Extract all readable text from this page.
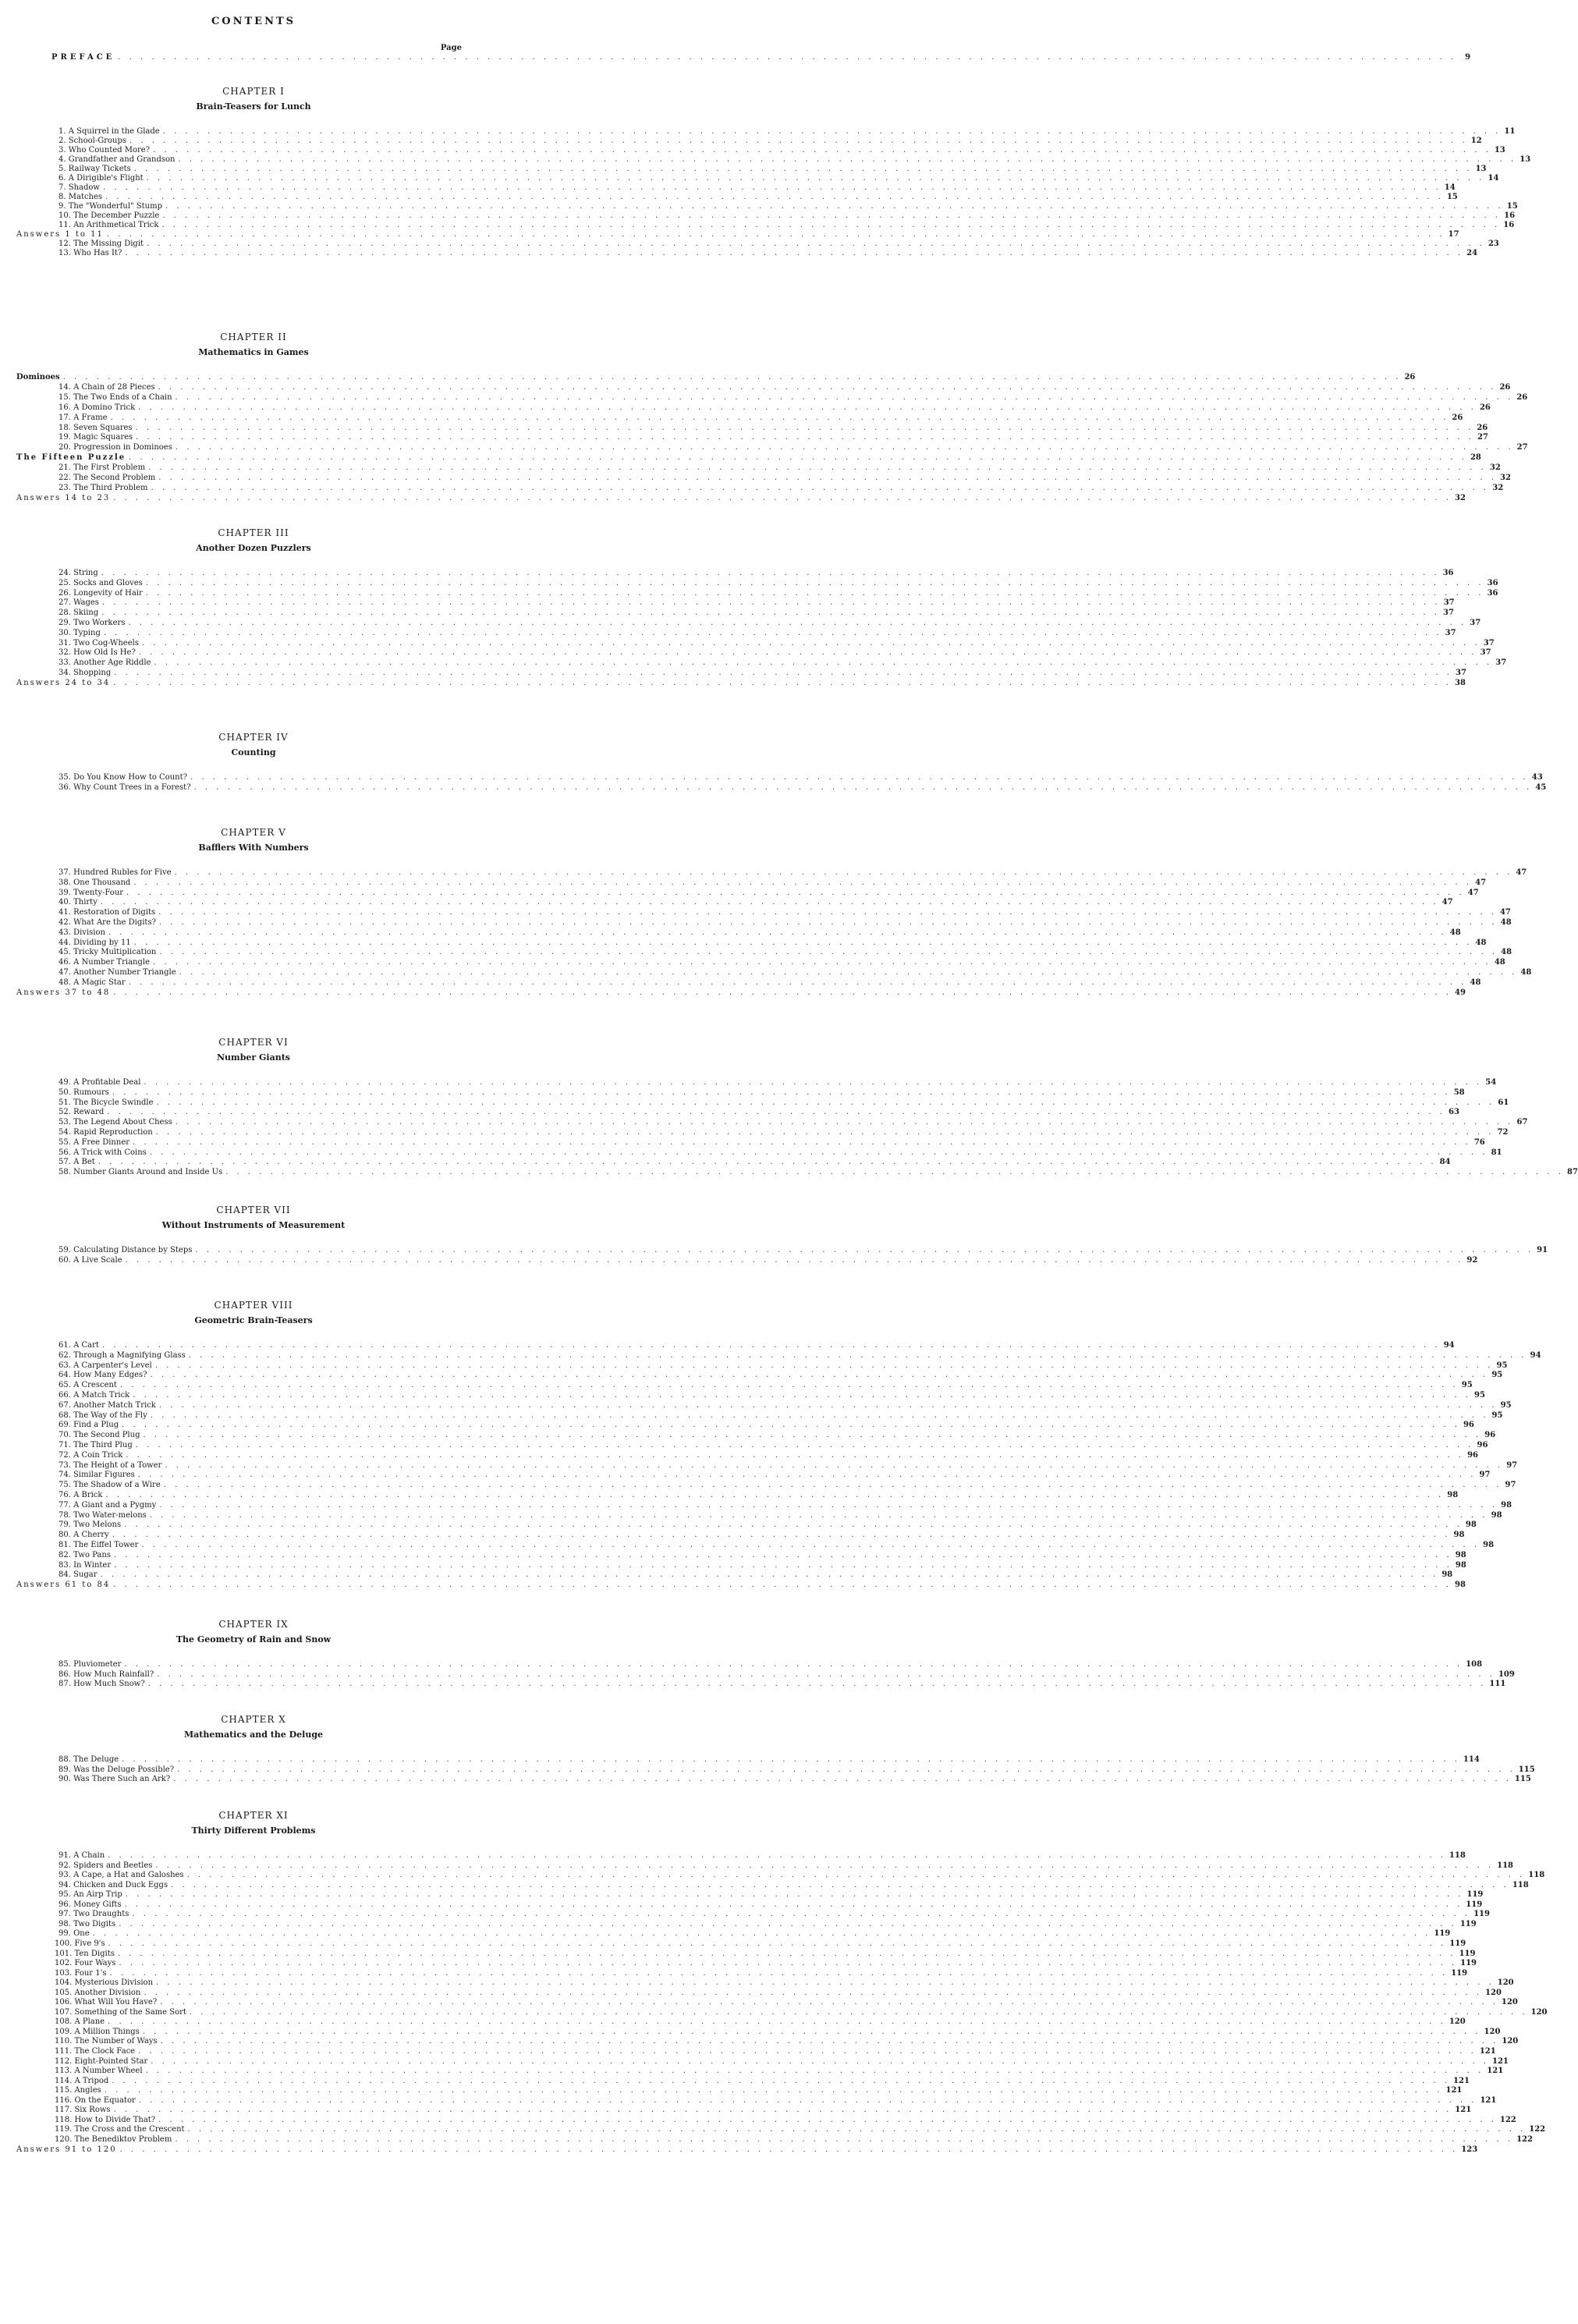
CONTENTS
Page
PREFACE . . . . . . . . . . . . . . . . . . . . . . . . . . . . . . . . . . . . . . . . . . . . . . . . . . . . . . . . . . . . . . . . . . . . . . . . . . . . . . . . . . . . . . . . . . . . . . . . . . . . . . . . . . . . . . . . . . . . . . . .	9
CHAPTER I
Brain-Teasers for Lunch
1. A Squirrel in the Glade . . . . . . . . . . . . . . . . . . . . . . . . . . . . . . . . . . . . . . . . . . . . . . . . . . . . . . . . . . . . . . . . . . . . . . . . . . . . . . . . . . . . . . . . . . . . . . . . . . . . . . . . . . . . . . . . . . . . . . . . 11
2. School-Groups . . . . . . . . . . . . . . . . . . . . . . . . . . . . . . . . . . . . . . . . . . . . . . . . . . . . . . . . . . . . . . . . . . . . . . . . . . . . . . . . . . . . . . . . . . . . . . . . . . . . . . . . . . . . . . . . . . . . . . . . 12
3. Who Counted More? . . . . . . . . . . . . . . . . . . . . . . . . . . . . . . . . . . . . . . . . . . . . . . . . . . . . . . . . . . . . . . . . . . . . . . . . . . . . . . . . . . . . . . . . . . . . . . . . . . . . . . . . . . . . . . . . . . . . . . . . 13
4. Grandfather and Grandson . . . . . . . . . . . . . . . . . . . . . . . . . . . . . . . . . . . . . . . . . . . . . . . . . . . . . . . . . . . . . . . . . . . . . . . . . . . . . . . . . . . . . . . . . . . . . . . . . . . . . . . . . . . . . . . . . . . . . . . . 13
5. Railway Tickets . . . . . . . . . . . . . . . . . . . . . . . . . . . . . . . . . . . . . . . . . . . . . . . . . . . . . . . . . . . . . . . . . . . . . . . . . . . . . . . . . . . . . . . . . . . . . . . . . . . . . . . . . . . . . . . . . . . . . . . . 13
6. A Dirigible's Flight . . . . . . . . . . . . . . . . . . . . . . . . . . . . . . . . . . . . . . . . . . . . . . . . . . . . . . . . . . . . . . . . . . . . . . . . . . . . . . . . . . . . . . . . . . . . . . . . . . . . . . . . . . . . . . . . . . . . . . . . 14
7. Shadow . . . . . . . . . . . . . . . . . . . . . . . . . . . . . . . . . . . . . . . . . . . . . . . . . . . . . . . . . . . . . . . . . . . . . . . . . . . . . . . . . . . . . . . . . . . . . . . . . . . . . . . . . . . . . . . . . . . . . . . . 14
8. Matches . . . . . . . . . . . . . . . . . . . . . . . . . . . . . . . . . . . . . . . . . . . . . . . . . . . . . . . . . . . . . . . . . . . . . . . . . . . . . . . . . . . . . . . . . . . . . . . . . . . . . . . . . . . . . . . . . . . . . . . . 15
9. The "Wonderful" Stump . . . . . . . . . . . . . . . . . . . . . . . . . . . . . . . . . . . . . . . . . . . . . . . . . . . . . . . . . . . . . . . . . . . . . . . . . . . . . . . . . . . . . . . . . . . . . . . . . . . . . . . . . . . . . . . . . . . . . . . . 15
10. The December Puzzle . . . . . . . . . . . . . . . . . . . . . . . . . . . . . . . . . . . . . . . . . . . . . . . . . . . . . . . . . . . . . . . . . . . . . . . . . . . . . . . . . . . . . . . . . . . . . . . . . . . . . . . . . . . . . . . . . . . . . . . . 16
11. An Arithmetical Trick . . . . . . . . . . . . . . . . . . . . . . . . . . . . . . . . . . . . . . . . . . . . . . . . . . . . . . . . . . . . . . . . . . . . . . . . . . . . . . . . . . . . . . . . . . . . . . . . . . . . . . . . . . . . . . . . . . . . . . . . 16
Answers 1 to 11 . . . . . . . . . . . . . . . . . . . . . . . . . . . . . . . . . . . . . . . . . . . . . . . . . . . . . . . . . . . . . . . . . . . . . . . . . . . . . . . . . . . . . . . . . . . . . . . . . . . . . . . . . . . . . . . . . . . . . . . . 17
12. The Missing Digit . . . . . . . . . . . . . . . . . . . . . . . . . . . . . . . . . . . . . . . . . . . . . . . . . . . . . . . . . . . . . . . . . . . . . . . . . . . . . . . . . . . . . . . . . . . . . . . . . . . . . . . . . . . . . . . . . . . . . . . . 23
13. Who Has It? . . . . . . . . . . . . . . . . . . . . . . . . . . . . . . . . . . . . . . . . . . . . . . . . . . . . . . . . . . . . . . . . . . . . . . . . . . . . . . . . . . . . . . . . . . . . . . . . . . . . . . . . . . . . . . . . . . . . . . . . 24
CHAPTER II
Mathematics in Games
Dominoes . . . . . . . . . . . . . . . . . . . . . . . . . . . . . . . . . . . . . . . . . . . . . . . . . . . . . . . . . . . . . . . . . . . . . . . . . . . . . . . . . . . . . . . . . . . . . . . . . . . . . . . . . . . . . . . . . . . . . . . . 26
14. A Chain of 28 Pieces . . . . . . . . . . . . . . . . . . . . . . . . . . . . . . . . . . . . . . . . . . . . . . . . . . . . . . . . . . . . . . . . . . . . . . . . . . . . . . . . . . . . . . . . . . . . . . . . . . . . . . . . . . . . . . . . . . . . . . . . 26
15. The Two Ends of a Chain . . . . . . . . . . . . . . . . . . . . . . . . . . . . . . . . . . . . . . . . . . . . . . . . . . . . . . . . . . . . . . . . . . . . . . . . . . . . . . . . . . . . . . . . . . . . . . . . . . . . . . . . . . . . . . . . . . . . . . . . 26
16. A Domino Trick . . . . . . . . . . . . . . . . . . . . . . . . . . . . . . . . . . . . . . . . . . . . . . . . . . . . . . . . . . . . . . . . . . . . . . . . . . . . . . . . . . . . . . . . . . . . . . . . . . . . . . . . . . . . . . . . . . . . . . . . 26
17. A Frame . . . . . . . . . . . . . . . . . . . . . . . . . . . . . . . . . . . . . . . . . . . . . . . . . . . . . . . . . . . . . . . . . . . . . . . . . . . . . . . . . . . . . . . . . . . . . . . . . . . . . . . . . . . . . . . . . . . . . . . . 26
18. Seven Squares . . . . . . . . . . . . . . . . . . . . . . . . . . . . . . . . . . . . . . . . . . . . . . . . . . . . . . . . . . . . . . . . . . . . . . . . . . . . . . . . . . . . . . . . . . . . . . . . . . . . . . . . . . . . . . . . . . . . . . . . 26
19. Magic Squares . . . . . . . . . . . . . . . . . . . . . . . . . . . . . . . . . . . . . . . . . . . . . . . . . . . . . . . . . . . . . . . . . . . . . . . . . . . . . . . . . . . . . . . . . . . . . . . . . . . . . . . . . . . . . . . . . . . . . . . . 27
20. Progression in Dominoes . . . . . . . . . . . . . . . . . . . . . . . . . . . . . . . . . . . . . . . . . . . . . . . . . . . . . . . . . . . . . . . . . . . . . . . . . . . . . . . . . . . . . . . . . . . . . . . . . . . . . . . . . . . . . . . . . . . . . . . . 27
The Fifteen Puzzle . . . . . . . . . . . . . . . . . . . . . . . . . . . . . . . . . . . . . . . . . . . . . . . . . . . . . . . . . . . . . . . . . . . . . . . . . . . . . . . . . . . . . . . . . . . . . . . . . . . . . . . . . . . . . . . . . . . . . . . . 28
21. The First Problem . . . . . . . . . . . . . . . . . . . . . . . . . . . . . . . . . . . . . . . . . . . . . . . . . . . . . . . . . . . . . . . . . . . . . . . . . . . . . . . . . . . . . . . . . . . . . . . . . . . . . . . . . . . . . . . . . . . . . . . . 32
22. The Second Problem . . . . . . . . . . . . . . . . . . . . . . . . . . . . . . . . . . . . . . . . . . . . . . . . . . . . . . . . . . . . . . . . . . . . . . . . . . . . . . . . . . . . . . . . . . . . . . . . . . . . . . . . . . . . . . . . . . . . . . . . 32
23. The Third Problem . . . . . . . . . . . . . . . . . . . . . . . . . . . . . . . . . . . . . . . . . . . . . . . . . . . . . . . . . . . . . . . . . . . . . . . . . . . . . . . . . . . . . . . . . . . . . . . . . . . . . . . . . . . . . . . . . . . . . . . . 32
Answers 14 to 23 . . . . . . . . . . . . . . . . . . . . . . . . . . . . . . . . . . . . . . . . . . . . . . . . . . . . . . . . . . . . . . . . . . . . . . . . . . . . . . . . . . . . . . . . . . . . . . . . . . . . . . . . . . . . . . . . . . . . . . . . 32
CHAPTER III
Another Dozen Puzzlers
24. String . . . . . . . . . . . . . . . . . . . . . . . . . . . . . . . . . . . . . . . . . . . . . . . . . . . . . . . . . . . . . . . . . . . . . . . . . . . . . . . . . . . . . . . . . . . . . . . . . . . . . . . . . . . . . . . . . . . . . . . . 36
25. Socks and Gloves . . . . . . . . . . . . . . . . . . . . . . . . . . . . . . . . . . . . . . . . . . . . . . . . . . . . . . . . . . . . . . . . . . . . . . . . . . . . . . . . . . . . . . . . . . . . . . . . . . . . . . . . . . . . . . . . . . . . . . . . 36
26. Longevity of Hair . . . . . . . . . . . . . . . . . . . . . . . . . . . . . . . . . . . . . . . . . . . . . . . . . . . . . . . . . . . . . . . . . . . . . . . . . . . . . . . . . . . . . . . . . . . . . . . . . . . . . . . . . . . . . . . . . . . . . . . . 36
27. Wages . . . . . . . . . . . . . . . . . . . . . . . . . . . . . . . . . . . . . . . . . . . . . . . . . . . . . . . . . . . . . . . . . . . . . . . . . . . . . . . . . . . . . . . . . . . . . . . . . . . . . . . . . . . . . . . . . . . . . . . . 37
28. Skiing . . . . . . . . . . . . . . . . . . . . . . . . . . . . . . . . . . . . . . . . . . . . . . . . . . . . . . . . . . . . . . . . . . . . . . . . . . . . . . . . . . . . . . . . . . . . . . . . . . . . . . . . . . . . . . . . . . . . . . . . 37
29. Two Workers . . . . . . . . . . . . . . . . . . . . . . . . . . . . . . . . . . . . . . . . . . . . . . . . . . . . . . . . . . . . . . . . . . . . . . . . . . . . . . . . . . . . . . . . . . . . . . . . . . . . . . . . . . . . . . . . . . . . . . . . 37
30. Typing . . . . . . . . . . . . . . . . . . . . . . . . . . . . . . . . . . . . . . . . . . . . . . . . . . . . . . . . . . . . . . . . . . . . . . . . . . . . . . . . . . . . . . . . . . . . . . . . . . . . . . . . . . . . . . . . . . . . . . . . 37
31. Two Cog-Wheels . . . . . . . . . . . . . . . . . . . . . . . . . . . . . . . . . . . . . . . . . . . . . . . . . . . . . . . . . . . . . . . . . . . . . . . . . . . . . . . . . . . . . . . . . . . . . . . . . . . . . . . . . . . . . . . . . . . . . . . . 37
32. How Old Is He? . . . . . . . . . . . . . . . . . . . . . . . . . . . . . . . . . . . . . . . . . . . . . . . . . . . . . . . . . . . . . . . . . . . . . . . . . . . . . . . . . . . . . . . . . . . . . . . . . . . . . . . . . . . . . . . . . . . . . . . . 37
33. Another Age Riddle . . . . . . . . . . . . . . . . . . . . . . . . . . . . . . . . . . . . . . . . . . . . . . . . . . . . . . . . . . . . . . . . . . . . . . . . . . . . . . . . . . . . . . . . . . . . . . . . . . . . . . . . . . . . . . . . . . . . . . . . 37
34. Shopping . . . . . . . . . . . . . . . . . . . . . . . . . . . . . . . . . . . . . . . . . . . . . . . . . . . . . . . . . . . . . . . . . . . . . . . . . . . . . . . . . . . . . . . . . . . . . . . . . . . . . . . . . . . . . . . . . . . . . . . . 37
Answers 24 to 34 . . . . . . . . . . . . . . . . . . . . . . . . . . . . . . . . . . . . . . . . . . . . . . . . . . . . . . . . . . . . . . . . . . . . . . . . . . . . . . . . . . . . . . . . . . . . . . . . . . . . . . . . . . . . . . . . . . . . . . . . 38
CHAPTER IV
Counting
35. Do You Know How to Count? . . . . . . . . . . . . . . . . . . . . . . . . . . . . . . . . . . . . . . . . . . . . . . . . . . . . . . . . . . . . . . . . . . . . . . . . . . . . . . . . . . . . . . . . . . . . . . . . . . . . . . . . . . . . . . . . . . . . . . . . 43
36. Why Count Trees in a Forest? . . . . . . . . . . . . . . . . . . . . . . . . . . . . . . . . . . . . . . . . . . . . . . . . . . . . . . . . . . . . . . . . . . . . . . . . . . . . . . . . . . . . . . . . . . . . . . . . . . . . . . . . . . . . . . . . . . . . . . . . 45
CHAPTER V
Bafflers With Numbers
37. Hundred Rubles for Five . . . . . . . . . . . . . . . . . . . . . . . . . . . . . . . . . . . . . . . . . . . . . . . . . . . . . . . . . . . . . . . . . . . . . . . . . . . . . . . . . . . . . . . . . . . . . . . . . . . . . . . . . . . . . . . . . . . . . . . . 47
38. One Thousand . . . . . . . . . . . . . . . . . . . . . . . . . . . . . . . . . . . . . . . . . . . . . . . . . . . . . . . . . . . . . . . . . . . . . . . . . . . . . . . . . . . . . . . . . . . . . . . . . . . . . . . . . . . . . . . . . . . . . . . . 47
39. Twenty-Four . . . . . . . . . . . . . . . . . . . . . . . . . . . . . . . . . . . . . . . . . . . . . . . . . . . . . . . . . . . . . . . . . . . . . . . . . . . . . . . . . . . . . . . . . . . . . . . . . . . . . . . . . . . . . . . . . . . . . . . . 47
40. Thirty . . . . . . . . . . . . . . . . . . . . . . . . . . . . . . . . . . . . . . . . . . . . . . . . . . . . . . . . . . . . . . . . . . . . . . . . . . . . . . . . . . . . . . . . . . . . . . . . . . . . . . . . . . . . . . . . . . . . . . . . 47
41. Restoration of Digits . . . . . . . . . . . . . . . . . . . . . . . . . . . . . . . . . . . . . . . . . . . . . . . . . . . . . . . . . . . . . . . . . . . . . . . . . . . . . . . . . . . . . . . . . . . . . . . . . . . . . . . . . . . . . . . . . . . . . . . . 47
42. What Are the Digits? . . . . . . . . . . . . . . . . . . . . . . . . . . . . . . . . . . . . . . . . . . . . . . . . . . . . . . . . . . . . . . . . . . . . . . . . . . . . . . . . . . . . . . . . . . . . . . . . . . . . . . . . . . . . . . . . . . . . . . . . 48
43. Division . . . . . . . . . . . . . . . . . . . . . . . . . . . . . . . . . . . . . . . . . . . . . . . . . . . . . . . . . . . . . . . . . . . . . . . . . . . . . . . . . . . . . . . . . . . . . . . . . . . . . . . . . . . . . . . . . . . . . . . . 48
44. Dividing by 11 . . . . . . . . . . . . . . . . . . . . . . . . . . . . . . . . . . . . . . . . . . . . . . . . . . . . . . . . . . . . . . . . . . . . . . . . . . . . . . . . . . . . . . . . . . . . . . . . . . . . . . . . . . . . . . . . . . . . . . . . 48
45. Tricky Multiplication . . . . . . . . . . . . . . . . . . . . . . . . . . . . . . . . . . . . . . . . . . . . . . . . . . . . . . . . . . . . . . . . . . . . . . . . . . . . . . . . . . . . . . . . . . . . . . . . . . . . . . . . . . . . . . . . . . . . . . . . 48
46. A Number Triangle . . . . . . . . . . . . . . . . . . . . . . . . . . . . . . . . . . . . . . . . . . . . . . . . . . . . . . . . . . . . . . . . . . . . . . . . . . . . . . . . . . . . . . . . . . . . . . . . . . . . . . . . . . . . . . . . . . . . . . . . 48
47. Another Number Triangle . . . . . . . . . . . . . . . . . . . . . . . . . . . . . . . . . . . . . . . . . . . . . . . . . . . . . . . . . . . . . . . . . . . . . . . . . . . . . . . . . . . . . . . . . . . . . . . . . . . . . . . . . . . . . . . . . . . . . . . . 48
48. A Magic Star . . . . . . . . . . . . . . . . . . . . . . . . . . . . . . . . . . . . . . . . . . . . . . . . . . . . . . . . . . . . . . . . . . . . . . . . . . . . . . . . . . . . . . . . . . . . . . . . . . . . . . . . . . . . . . . . . . . . . . . . 48
Answers 37 to 48 . . . . . . . . . . . . . . . . . . . . . . . . . . . . . . . . . . . . . . . . . . . . . . . . . . . . . . . . . . . . . . . . . . . . . . . . . . . . . . . . . . . . . . . . . . . . . . . . . . . . . . . . . . . . . . . . . . . . . . . . 49
CHAPTER VI
Number Giants
49. A Profitable Deal . . . . . . . . . . . . . . . . . . . . . . . . . . . . . . . . . . . . . . . . . . . . . . . . . . . . . . . . . . . . . . . . . . . . . . . . . . . . . . . . . . . . . . . . . . . . . . . . . . . . . . . . . . . . . . . . . . . . . . . . 54
50. Rumours . . . . . . . . . . . . . . . . . . . . . . . . . . . . . . . . . . . . . . . . . . . . . . . . . . . . . . . . . . . . . . . . . . . . . . . . . . . . . . . . . . . . . . . . . . . . . . . . . . . . . . . . . . . . . . . . . . . . . . . . 58
51. The Bicycle Swindle . . . . . . . . . . . . . . . . . . . . . . . . . . . . . . . . . . . . . . . . . . . . . . . . . . . . . . . . . . . . . . . . . . . . . . . . . . . . . . . . . . . . . . . . . . . . . . . . . . . . . . . . . . . . . . . . . . . . . . . . 61
52. Reward . . . . . . . . . . . . . . . . . . . . . . . . . . . . . . . . . . . . . . . . . . . . . . . . . . . . . . . . . . . . . . . . . . . . . . . . . . . . . . . . . . . . . . . . . . . . . . . . . . . . . . . . . . . . . . . . . . . . . . . . 63
53. The Legend About Chess . . . . . . . . . . . . . . . . . . . . . . . . . . . . . . . . . . . . . . . . . . . . . . . . . . . . . . . . . . . . . . . . . . . . . . . . . . . . . . . . . . . . . . . . . . . . . . . . . . . . . . . . . . . . . . . . . . . . . . . . 67
54. Rapid Reproduction . . . . . . . . . . . . . . . . . . . . . . . . . . . . . . . . . . . . . . . . . . . . . . . . . . . . . . . . . . . . . . . . . . . . . . . . . . . . . . . . . . . . . . . . . . . . . . . . . . . . . . . . . . . . . . . . . . . . . . . . 72
55. A Free Dinner . . . . . . . . . . . . . . . . . . . . . . . . . . . . . . . . . . . . . . . . . . . . . . . . . . . . . . . . . . . . . . . . . . . . . . . . . . . . . . . . . . . . . . . . . . . . . . . . . . . . . . . . . . . . . . . . . . . . . . . . 76
56. A Trick with Coins . . . . . . . . . . . . . . . . . . . . . . . . . . . . . . . . . . . . . . . . . . . . . . . . . . . . . . . . . . . . . . . . . . . . . . . . . . . . . . . . . . . . . . . . . . . . . . . . . . . . . . . . . . . . . . . . . . . . . . . . 81
57. A Bet . . . . . . . . . . . . . . . . . . . . . . . . . . . . . . . . . . . . . . . . . . . . . . . . . . . . . . . . . . . . . . . . . . . . . . . . . . . . . . . . . . . . . . . . . . . . . . . . . . . . . . . . . . . . . . . . . . . . . . . . 84
58. Number Giants Around and Inside Us . . . . . . . . . . . . . . . . . . . . . . . . . . . . . . . . . . . . . . . . . . . . . . . . . . . . . . . . . . . . . . . . . . . . . . . . . . . . . . . . . . . . . . . . . . . . . . . . . . . . . . . . . . . . . . . . . . . . . . . . 87
CHAPTER VII
Without Instruments of Measurement
59. Calculating Distance by Steps . . . . . . . . . . . . . . . . . . . . . . . . . . . . . . . . . . . . . . . . . . . . . . . . . . . . . . . . . . . . . . . . . . . . . . . . . . . . . . . . . . . . . . . . . . . . . . . . . . . . . . . . . . . . . . . . . . . . . . . . 91
60. A Live Scale . . . . . . . . . . . . . . . . . . . . . . . . . . . . . . . . . . . . . . . . . . . . . . . . . . . . . . . . . . . . . . . . . . . . . . . . . . . . . . . . . . . . . . . . . . . . . . . . . . . . . . . . . . . . . . . . . . . . . . . . 92
CHAPTER VIII
Geometric Brain-Teasers
61. A Cart . . . . . . . . . . . . . . . . . . . . . . . . . . . . . . . . . . . . . . . . . . . . . . . . . . . . . . . . . . . . . . . . . . . . . . . . . . . . . . . . . . . . . . . . . . . . . . . . . . . . . . . . . . . . . . . . . . . . . . . . 94
62. Through a Magnifying Glass . . . . . . . . . . . . . . . . . . . . . . . . . . . . . . . . . . . . . . . . . . . . . . . . . . . . . . . . . . . . . . . . . . . . . . . . . . . . . . . . . . . . . . . . . . . . . . . . . . . . . . . . . . . . . . . . . . . . . . . . 94
63. A Carpenter's Level . . . . . . . . . . . . . . . . . . . . . . . . . . . . . . . . . . . . . . . . . . . . . . . . . . . . . . . . . . . . . . . . . . . . . . . . . . . . . . . . . . . . . . . . . . . . . . . . . . . . . . . . . . . . . . . . . . . . . . . . 95
64. How Many Edges? . . . . . . . . . . . . . . . . . . . . . . . . . . . . . . . . . . . . . . . . . . . . . . . . . . . . . . . . . . . . . . . . . . . . . . . . . . . . . . . . . . . . . . . . . . . . . . . . . . . . . . . . . . . . . . . . . . . . . . . . 95
65. A Crescent . . . . . . . . . . . . . . . . . . . . . . . . . . . . . . . . . . . . . . . . . . . . . . . . . . . . . . . . . . . . . . . . . . . . . . . . . . . . . . . . . . . . . . . . . . . . . . . . . . . . . . . . . . . . . . . . . . . . . . . . 95
66. A Match Trick . . . . . . . . . . . . . . . . . . . . . . . . . . . . . . . . . . . . . . . . . . . . . . . . . . . . . . . . . . . . . . . . . . . . . . . . . . . . . . . . . . . . . . . . . . . . . . . . . . . . . . . . . . . . . . . . . . . . . . . . 95
67. Another Match Trick . . . . . . . . . . . . . . . . . . . . . . . . . . . . . . . . . . . . . . . . . . . . . . . . . . . . . . . . . . . . . . . . . . . . . . . . . . . . . . . . . . . . . . . . . . . . . . . . . . . . . . . . . . . . . . . . . . . . . . . . 95
68. The Way of the Fly . . . . . . . . . . . . . . . . . . . . . . . . . . . . . . . . . . . . . . . . . . . . . . . . . . . . . . . . . . . . . . . . . . . . . . . . . . . . . . . . . . . . . . . . . . . . . . . . . . . . . . . . . . . . . . . . . . . . . . . . 95
69. Find a Plug . . . . . . . . . . . . . . . . . . . . . . . . . . . . . . . . . . . . . . . . . . . . . . . . . . . . . . . . . . . . . . . . . . . . . . . . . . . . . . . . . . . . . . . . . . . . . . . . . . . . . . . . . . . . . . . . . . . . . . . . 96
70. The Second Plug . . . . . . . . . . . . . . . . . . . . . . . . . . . . . . . . . . . . . . . . . . . . . . . . . . . . . . . . . . . . . . . . . . . . . . . . . . . . . . . . . . . . . . . . . . . . . . . . . . . . . . . . . . . . . . . . . . . . . . . . 96
71. The Third Plug . . . . . . . . . . . . . . . . . . . . . . . . . . . . . . . . . . . . . . . . . . . . . . . . . . . . . . . . . . . . . . . . . . . . . . . . . . . . . . . . . . . . . . . . . . . . . . . . . . . . . . . . . . . . . . . . . . . . . . . . 96
72. A Coin Trick . . . . . . . . . . . . . . . . . . . . . . . . . . . . . . . . . . . . . . . . . . . . . . . . . . . . . . . . . . . . . . . . . . . . . . . . . . . . . . . . . . . . . . . . . . . . . . . . . . . . . . . . . . . . . . . . . . . . . . . . 96
73. The Height of a Tower . . . . . . . . . . . . . . . . . . . . . . . . . . . . . . . . . . . . . . . . . . . . . . . . . . . . . . . . . . . . . . . . . . . . . . . . . . . . . . . . . . . . . . . . . . . . . . . . . . . . . . . . . . . . . . . . . . . . . . . . 97
74. Similar Figures . . . . . . . . . . . . . . . . . . . . . . . . . . . . . . . . . . . . . . . . . . . . . . . . . . . . . . . . . . . . . . . . . . . . . . . . . . . . . . . . . . . . . . . . . . . . . . . . . . . . . . . . . . . . . . . . . . . . . . . . 97
75. The Shadow of a Wire . . . . . . . . . . . . . . . . . . . . . . . . . . . . . . . . . . . . . . . . . . . . . . . . . . . . . . . . . . . . . . . . . . . . . . . . . . . . . . . . . . . . . . . . . . . . . . . . . . . . . . . . . . . . . . . . . . . . . . . . 97
76. A Brick . . . . . . . . . . . . . . . . . . . . . . . . . . . . . . . . . . . . . . . . . . . . . . . . . . . . . . . . . . . . . . . . . . . . . . . . . . . . . . . . . . . . . . . . . . . . . . . . . . . . . . . . . . . . . . . . . . . . . . . . 98
77. A Giant and a Pygmy . . . . . . . . . . . . . . . . . . . . . . . . . . . . . . . . . . . . . . . . . . . . . . . . . . . . . . . . . . . . . . . . . . . . . . . . . . . . . . . . . . . . . . . . . . . . . . . . . . . . . . . . . . . . . . . . . . . . . . . . 98
78. Two Water-melons . . . . . . . . . . . . . . . . . . . . . . . . . . . . . . . . . . . . . . . . . . . . . . . . . . . . . . . . . . . . . . . . . . . . . . . . . . . . . . . . . . . . . . . . . . . . . . . . . . . . . . . . . . . . . . . . . . . . . . . . 98
79. Two Melons . . . . . . . . . . . . . . . . . . . . . . . . . . . . . . . . . . . . . . . . . . . . . . . . . . . . . . . . . . . . . . . . . . . . . . . . . . . . . . . . . . . . . . . . . . . . . . . . . . . . . . . . . . . . . . . . . . . . . . . . 98
80. A Cherry . . . . . . . . . . . . . . . . . . . . . . . . . . . . . . . . . . . . . . . . . . . . . . . . . . . . . . . . . . . . . . . . . . . . . . . . . . . . . . . . . . . . . . . . . . . . . . . . . . . . . . . . . . . . . . . . . . . . . . . . 98
81. The Eiffel Tower . . . . . . . . . . . . . . . . . . . . . . . . . . . . . . . . . . . . . . . . . . . . . . . . . . . . . . . . . . . . . . . . . . . . . . . . . . . . . . . . . . . . . . . . . . . . . . . . . . . . . . . . . . . . . . . . . . . . . . . . 98
82. Two Pans . . . . . . . . . . . . . . . . . . . . . . . . . . . . . . . . . . . . . . . . . . . . . . . . . . . . . . . . . . . . . . . . . . . . . . . . . . . . . . . . . . . . . . . . . . . . . . . . . . . . . . . . . . . . . . . . . . . . . . . . 98
83. In Winter . . . . . . . . . . . . . . . . . . . . . . . . . . . . . . . . . . . . . . . . . . . . . . . . . . . . . . . . . . . . . . . . . . . . . . . . . . . . . . . . . . . . . . . . . . . . . . . . . . . . . . . . . . . . . . . . . . . . . . . . 98
84. Sugar . . . . . . . . . . . . . . . . . . . . . . . . . . . . . . . . . . . . . . . . . . . . . . . . . . . . . . . . . . . . . . . . . . . . . . . . . . . . . . . . . . . . . . . . . . . . . . . . . . . . . . . . . . . . . . . . . . . . . . . . 98
Answers 61 to 84 . . . . . . . . . . . . . . . . . . . . . . . . . . . . . . . . . . . . . . . . . . . . . . . . . . . . . . . . . . . . . . . . . . . . . . . . . . . . . . . . . . . . . . . . . . . . . . . . . . . . . . . . . . . . . . . . . . . . . . . . 98
CHAPTER IX
The Geometry of Rain and Snow
85. Pluviometer . . . . . . . . . . . . . . . . . . . . . . . . . . . . . . . . . . . . . . . . . . . . . . . . . . . . . . . . . . . . . . . . . . . . . . . . . . . . . . . . . . . . . . . . . . . . . . . . . . . . . . . . . . . . . . . . . . . . . . . . 108
86. How Much Rainfall? . . . . . . . . . . . . . . . . . . . . . . . . . . . . . . . . . . . . . . . . . . . . . . . . . . . . . . . . . . . . . . . . . . . . . . . . . . . . . . . . . . . . . . . . . . . . . . . . . . . . . . . . . . . . . . . . . . . . . . . . 109
87. How Much Snow? . . . . . . . . . . . . . . . . . . . . . . . . . . . . . . . . . . . . . . . . . . . . . . . . . . . . . . . . . . . . . . . . . . . . . . . . . . . . . . . . . . . . . . . . . . . . . . . . . . . . . . . . . . . . . . . . . . . . . . . . 111
CHAPTER X
Mathematics and the Deluge
88. The Deluge . . . . . . . . . . . . . . . . . . . . . . . . . . . . . . . . . . . . . . . . . . . . . . . . . . . . . . . . . . . . . . . . . . . . . . . . . . . . . . . . . . . . . . . . . . . . . . . . . . . . . . . . . . . . . . . . . . . . . . . . 114
89. Was the Deluge Possible? . . . . . . . . . . . . . . . . . . . . . . . . . . . . . . . . . . . . . . . . . . . . . . . . . . . . . . . . . . . . . . . . . . . . . . . . . . . . . . . . . . . . . . . . . . . . . . . . . . . . . . . . . . . . . . . . . . . . . . . . 115
90. Was There Such an Ark? . . . . . . . . . . . . . . . . . . . . . . . . . . . . . . . . . . . . . . . . . . . . . . . . . . . . . . . . . . . . . . . . . . . . . . . . . . . . . . . . . . . . . . . . . . . . . . . . . . . . . . . . . . . . . . . . . . . . . . . . 115
CHAPTER XI
Thirty Different Problems
91. A Chain . . . . . . . . . . . . . . . . . . . . . . . . . . . . . . . . . . . . . . . . . . . . . . . . . . . . . . . . . . . . . . . . . . . . . . . . . . . . . . . . . . . . . . . . . . . . . . . . . . . . . . . . . . . . . . . . . . . . . . . . 118
92. Spiders and Beetles . . . . . . . . . . . . . . . . . . . . . . . . . . . . . . . . . . . . . . . . . . . . . . . . . . . . . . . . . . . . . . . . . . . . . . . . . . . . . . . . . . . . . . . . . . . . . . . . . . . . . . . . . . . . . . . . . . . . . . . . 118
93. A Cape, a Hat and Galoshes . . . . . . . . . . . . . . . . . . . . . . . . . . . . . . . . . . . . . . . . . . . . . . . . . . . . . . . . . . . . . . . . . . . . . . . . . . . . . . . . . . . . . . . . . . . . . . . . . . . . . . . . . . . . . . . . . . . . . . . . 118
94. Chicken and Duck Eggs . . . . . . . . . . . . . . . . . . . . . . . . . . . . . . . . . . . . . . . . . . . . . . . . . . . . . . . . . . . . . . . . . . . . . . . . . . . . . . . . . . . . . . . . . . . . . . . . . . . . . . . . . . . . . . . . . . . . . . . . 118
95. An Airp Trip . . . . . . . . . . . . . . . . . . . . . . . . . . . . . . . . . . . . . . . . . . . . . . . . . . . . . . . . . . . . . . . . . . . . . . . . . . . . . . . . . . . . . . . . . . . . . . . . . . . . . . . . . . . . . . . . . . . . . . . . 119
96. Money Gifts . . . . . . . . . . . . . . . . . . . . . . . . . . . . . . . . . . . . . . . . . . . . . . . . . . . . . . . . . . . . . . . . . . . . . . . . . . . . . . . . . . . . . . . . . . . . . . . . . . . . . . . . . . . . . . . . . . . . . . . . 119
97. Two Draughts . . . . . . . . . . . . . . . . . . . . . . . . . . . . . . . . . . . . . . . . . . . . . . . . . . . . . . . . . . . . . . . . . . . . . . . . . . . . . . . . . . . . . . . . . . . . . . . . . . . . . . . . . . . . . . . . . . . . . . . . 119
98. Two Digits . . . . . . . . . . . . . . . . . . . . . . . . . . . . . . . . . . . . . . . . . . . . . . . . . . . . . . . . . . . . . . . . . . . . . . . . . . . . . . . . . . . . . . . . . . . . . . . . . . . . . . . . . . . . . . . . . . . . . . . . 119
99. One . . . . . . . . . . . . . . . . . . . . . . . . . . . . . . . . . . . . . . . . . . . . . . . . . . . . . . . . . . . . . . . . . . . . . . . . . . . . . . . . . . . . . . . . . . . . . . . . . . . . . . . . . . . . . . . . . . . . . . . . 119
100. Five 9's . . . . . . . . . . . . . . . . . . . . . . . . . . . . . . . . . . . . . . . . . . . . . . . . . . . . . . . . . . . . . . . . . . . . . . . . . . . . . . . . . . . . . . . . . . . . . . . . . . . . . . . . . . . . . . . . . . . . . . . . 119
101. Ten Digits . . . . . . . . . . . . . . . . . . . . . . . . . . . . . . . . . . . . . . . . . . . . . . . . . . . . . . . . . . . . . . . . . . . . . . . . . . . . . . . . . . . . . . . . . . . . . . . . . . . . . . . . . . . . . . . . . . . . . . . . 119
102. Four Ways . . . . . . . . . . . . . . . . . . . . . . . . . . . . . . . . . . . . . . . . . . . . . . . . . . . . . . . . . . . . . . . . . . . . . . . . . . . . . . . . . . . . . . . . . . . . . . . . . . . . . . . . . . . . . . . . . . . . . . . . 119
103. Four 1's . . . . . . . . . . . . . . . . . . . . . . . . . . . . . . . . . . . . . . . . . . . . . . . . . . . . . . . . . . . . . . . . . . . . . . . . . . . . . . . . . . . . . . . . . . . . . . . . . . . . . . . . . . . . . . . . . . . . . . . . 119
104. Mysterious Division . . . . . . . . . . . . . . . . . . . . . . . . . . . . . . . . . . . . . . . . . . . . . . . . . . . . . . . . . . . . . . . . . . . . . . . . . . . . . . . . . . . . . . . . . . . . . . . . . . . . . . . . . . . . . . . . . . . . . . . . 120
105. Another Division . . . . . . . . . . . . . . . . . . . . . . . . . . . . . . . . . . . . . . . . . . . . . . . . . . . . . . . . . . . . . . . . . . . . . . . . . . . . . . . . . . . . . . . . . . . . . . . . . . . . . . . . . . . . . . . . . . . . . . . . 120
106. What Will You Have? . . . . . . . . . . . . . . . . . . . . . . . . . . . . . . . . . . . . . . . . . . . . . . . . . . . . . . . . . . . . . . . . . . . . . . . . . . . . . . . . . . . . . . . . . . . . . . . . . . . . . . . . . . . . . . . . . . . . . . . . 120
107. Something of the Same Sort . . . . . . . . . . . . . . . . . . . . . . . . . . . . . . . . . . . . . . . . . . . . . . . . . . . . . . . . . . . . . . . . . . . . . . . . . . . . . . . . . . . . . . . . . . . . . . . . . . . . . . . . . . . . . . . . . . . . . . . . 120
108. A Plane . . . . . . . . . . . . . . . . . . . . . . . . . . . . . . . . . . . . . . . . . . . . . . . . . . . . . . . . . . . . . . . . . . . . . . . . . . . . . . . . . . . . . . . . . . . . . . . . . . . . . . . . . . . . . . . . . . . . . . . . 120
109. A Million Things . . . . . . . . . . . . . . . . . . . . . . . . . . . . . . . . . . . . . . . . . . . . . . . . . . . . . . . . . . . . . . . . . . . . . . . . . . . . . . . . . . . . . . . . . . . . . . . . . . . . . . . . . . . . . . . . . . . . . . . . 120
110. The Number of Ways . . . . . . . . . . . . . . . . . . . . . . . . . . . . . . . . . . . . . . . . . . . . . . . . . . . . . . . . . . . . . . . . . . . . . . . . . . . . . . . . . . . . . . . . . . . . . . . . . . . . . . . . . . . . . . . . . . . . . . . . 120
111. The Clock Face . . . . . . . . . . . . . . . . . . . . . . . . . . . . . . . . . . . . . . . . . . . . . . . . . . . . . . . . . . . . . . . . . . . . . . . . . . . . . . . . . . . . . . . . . . . . . . . . . . . . . . . . . . . . . . . . . . . . . . . . 121
112. Eight-Pointed Star . . . . . . . . . . . . . . . . . . . . . . . . . . . . . . . . . . . . . . . . . . . . . . . . . . . . . . . . . . . . . . . . . . . . . . . . . . . . . . . . . . . . . . . . . . . . . . . . . . . . . . . . . . . . . . . . . . . . . . . . 121
113. A Number Wheel . . . . . . . . . . . . . . . . . . . . . . . . . . . . . . . . . . . . . . . . . . . . . . . . . . . . . . . . . . . . . . . . . . . . . . . . . . . . . . . . . . . . . . . . . . . . . . . . . . . . . . . . . . . . . . . . . . . . . . . . 121
114. A Tripod . . . . . . . . . . . . . . . . . . . . . . . . . . . . . . . . . . . . . . . . . . . . . . . . . . . . . . . . . . . . . . . . . . . . . . . . . . . . . . . . . . . . . . . . . . . . . . . . . . . . . . . . . . . . . . . . . . . . . . . . 121
115. Angles . . . . . . . . . . . . . . . . . . . . . . . . . . . . . . . . . . . . . . . . . . . . . . . . . . . . . . . . . . . . . . . . . . . . . . . . . . . . . . . . . . . . . . . . . . . . . . . . . . . . . . . . . . . . . . . . . . . . . . . . 121
116. On the Equator . . . . . . . . . . . . . . . . . . . . . . . . . . . . . . . . . . . . . . . . . . . . . . . . . . . . . . . . . . . . . . . . . . . . . . . . . . . . . . . . . . . . . . . . . . . . . . . . . . . . . . . . . . . . . . . . . . . . . . . . 121
117. Six Rows . . . . . . . . . . . . . . . . . . . . . . . . . . . . . . . . . . . . . . . . . . . . . . . . . . . . . . . . . . . . . . . . . . . . . . . . . . . . . . . . . . . . . . . . . . . . . . . . . . . . . . . . . . . . . . . . . . . . . . . . 121
118. How to Divide That? . . . . . . . . . . . . . . . . . . . . . . . . . . . . . . . . . . . . . . . . . . . . . . . . . . . . . . . . . . . . . . . . . . . . . . . . . . . . . . . . . . . . . . . . . . . . . . . . . . . . . . . . . . . . . . . . . . . . . . . . 122
119. The Cross and the Crescent . . . . . . . . . . . . . . . . . . . . . . . . . . . . . . . . . . . . . . . . . . . . . . . . . . . . . . . . . . . . . . . . . . . . . . . . . . . . . . . . . . . . . . . . . . . . . . . . . . . . . . . . . . . . . . . . . . . . . . . . 122
120. The Benediktov Problem . . . . . . . . . . . . . . . . . . . . . . . . . . . . . . . . . . . . . . . . . . . . . . . . . . . . . . . . . . . . . . . . . . . . . . . . . . . . . . . . . . . . . . . . . . . . . . . . . . . . . . . . . . . . . . . . . . . . . . . . 122
Answers 91 to 120 . . . . . . . . . . . . . . . . . . . . . . . . . . . . . . . . . . . . . . . . . . . . . . . . . . . . . . . . . . . . . . . . . . . . . . . . . . . . . . . . . . . . . . . . . . . . . . . . . . . . . . . . . . . . . . . . . . . . . . . . 123
